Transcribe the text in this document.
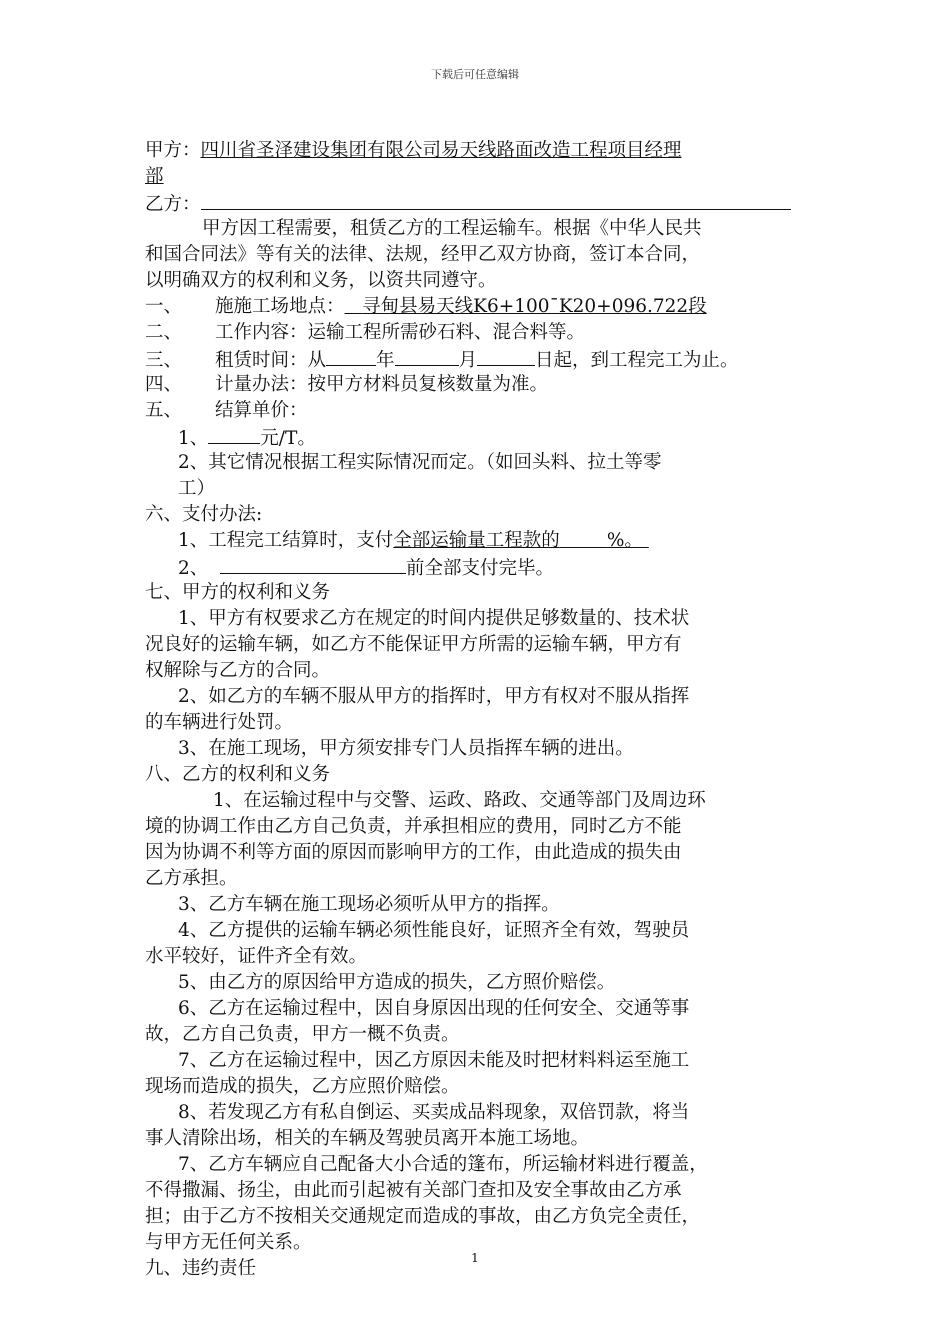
下载后可任意编辑
甲方：四川省圣泽建设集团有限公司易天线路面改造工程项目经理
部
乙方：
甲方因工程需要，租赁乙方的工程运输车。根据《中华人民共
和国合同法》等有关的法律、法规，经甲乙双方协商，签订本合同，
以明确双方的权利和义务，以资共同遵守。
一、 施施工场地点： 寻甸县易天线K6+100¯K20+096.722段
二、 工作内容：运输工程所需砂石料、混合料等。
三、 租赁时间：从	年	月	日起，到工程完工为止。
四、 计量办法：按甲方材料员复核数量为准。
五、 结算单价：
1、	元/T。
2、其它情况根据工程实际情况而定。（如回头料、拉土等零
工）
六、支付办法:
1、工程完工结算时，支付全部运输量工程款的	%。
2、	前全部支付完毕。
七、甲方的权利和义务
1、甲方有权要求乙方在规定的时间内提供足够数量的、技术状
况良好的运输车辆，如乙方不能保证甲方所需的运输车辆，甲方有
权解除与乙方的合同。
2、如乙方的车辆不服从甲方的指挥时，甲方有权对不服从指挥
的车辆进行处罚。
3、在施工现场，甲方须安排专门人员指挥车辆的进出。
八、乙方的权利和义务
1、在运输过程中与交警、运政、路政、交通等部门及周边环
境的协调工作由乙方自己负责，并承担相应的费用，同时乙方不能
因为协调不利等方面的原因而影响甲方的工作，由此造成的损失由
乙方承担。
3、乙方车辆在施工现场必须听从甲方的指挥。
4、乙方提供的运输车辆必须性能良好，证照齐全有效，驾驶员
水平较好，证件齐全有效。
5、由乙方的原因给甲方造成的损失，乙方照价赔偿。
6、乙方在运输过程中，因自身原因出现的任何安全、交通等事
故，乙方自己负责，甲方一概不负责。
7、乙方在运输过程中，因乙方原因未能及时把材料料运至施工
现场而造成的损失，乙方应照价赔偿。
8、若发现乙方有私自倒运、买卖成品料现象，双倍罚款，将当
事人清除出场，相关的车辆及驾驶员离开本施工场地。
7、乙方车辆应自己配备大小合适的篷布，所运输材料进行覆盖，
不得撒漏、扬尘，由此而引起被有关部门查扣及安全事故由乙方承
担；由于乙方不按相关交通规定而造成的事故，由乙方负完全责任，
与甲方无任何关系。
九、违约责任	1
